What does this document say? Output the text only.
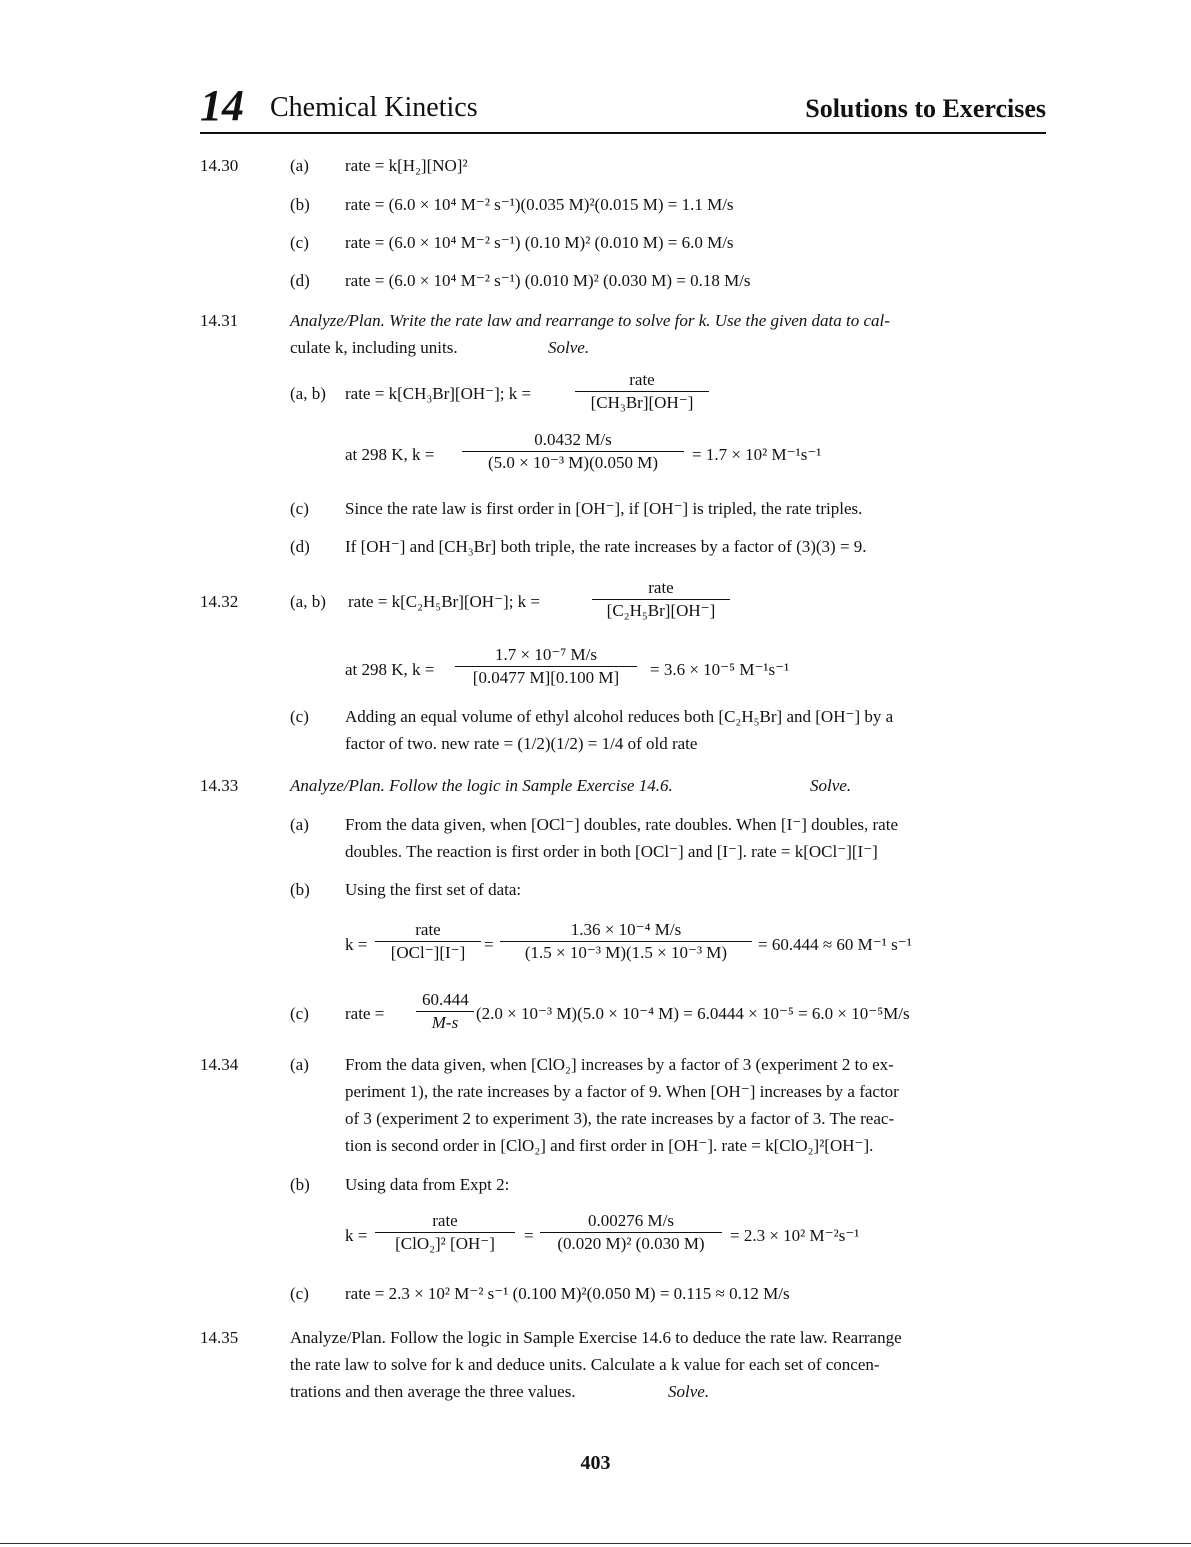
14 Chemical Kinetics	Solutions to Exercises
14.30	(a) rate = k[H₂][NO]²
(b) rate = (6.0 × 10⁴ M⁻² s⁻¹)(0.035 M)²(0.015 M) = 1.1 M/s
(c) rate = (6.0 × 10⁴ M⁻² s⁻¹) (0.10 M)² (0.010 M) = 6.0 M/s
(d) rate = (6.0 × 10⁴ M⁻² s⁻¹) (0.010 M)² (0.030 M) = 0.18 M/s
14.31	Analyze/Plan. Write the rate law and rearrange to solve for k. Use the given data to cal-
culate k, including units.	Solve.
(a, b) rate = k[CH₃Br][OH⁻]; k =
rate
[CH₃Br][OH⁻]
at 298 K, $k = \frac{0.0432 M/s}{\text{(5.0 × 10⁻³ M)(0.050 M)}} = 1.7 \times 10^2$ M⁻¹s⁻¹
(c) Since the rate law is first order in [OH⁻], if [OH⁻] is tripled, the rate triples.
(d) If [OH⁻] and [CH₃Br] both triple, the rate increases by a factor of (3)(3) = 9.
14.32	(a, b) rate = k[C₂H₅Br][OH⁻]; k =
rate
[C₂H₅Br][OH⁻]
at 298 K, $k = \frac{\text{1.7 × 10⁻⁷ M/s}}{[0.0477 M][0.100 M]} = 3.6 \times 10^{-5}$ M⁻¹s⁻¹
(c) Adding an equal volume of ethyl alcohol reduces both [C₂H₅Br] and [OH⁻] by a
factor of two. new rate = (1/2)(1/2) = 1/4 of old rate
14.33	Analyze/Plan. Follow the logic in Sample Exercise 14.6.	Solve.
(a) From the data given, when [OCl⁻] doubles, rate doubles. When [I⁻] doubles, rate
doubles. The reaction is first order in both [OCl⁻] and [I⁻]. rate = k[OCl⁻][I⁻]
(b) Using the first set of data:
k =
rate
[OCl⁻][I⁻]	= $\frac{\text{1.36 × 10⁻⁴ M/s}}{\text{(1.5 × 10⁻³ M)(1.5 × 10⁻³ M)}} = 60.444 \approx 60$ M⁻¹ s⁻¹
(c) rate = $\frac{60.444}{M-s} (2.0 \times 10^{-3}$ M)(5.0 × 10⁻⁴ M) = 6.0444 × 10⁻⁵ = 6.0 × 10⁻⁵M/s
14.34	(a) From the data given, when [ClO₂] increases by a factor of 3 (experiment 2 to ex-
periment 1), the rate increases by a factor of 9. When [OH⁻] increases by a factor
of 3 (experiment 2 to experiment 3), the rate increases by a factor of 3. The reac-
tion is second order in [ClO₂] and first order in [OH⁻]. rate = k[ClO₂]²[OH⁻].
(b) Using data from Expt 2:
k =
rate
[ClO₂]² [OH⁻]	= $\frac{0.00276 M/s}{\text{(0.020 M)² (0.030 M)}} = 2.3 \times 10^2$ M⁻²s⁻¹
(c) rate = 2.3 × 10² M⁻² s⁻¹ (0.100 M)²(0.050 M) = 0.115 ≈ 0.12 M/s
14.35	Analyze/Plan. Follow the logic in Sample Exercise 14.6 to deduce the rate law. Rearrange
the rate law to solve for k and deduce units. Calculate a k value for each set of concen-
trations and then average the three values.	Solve.
403
